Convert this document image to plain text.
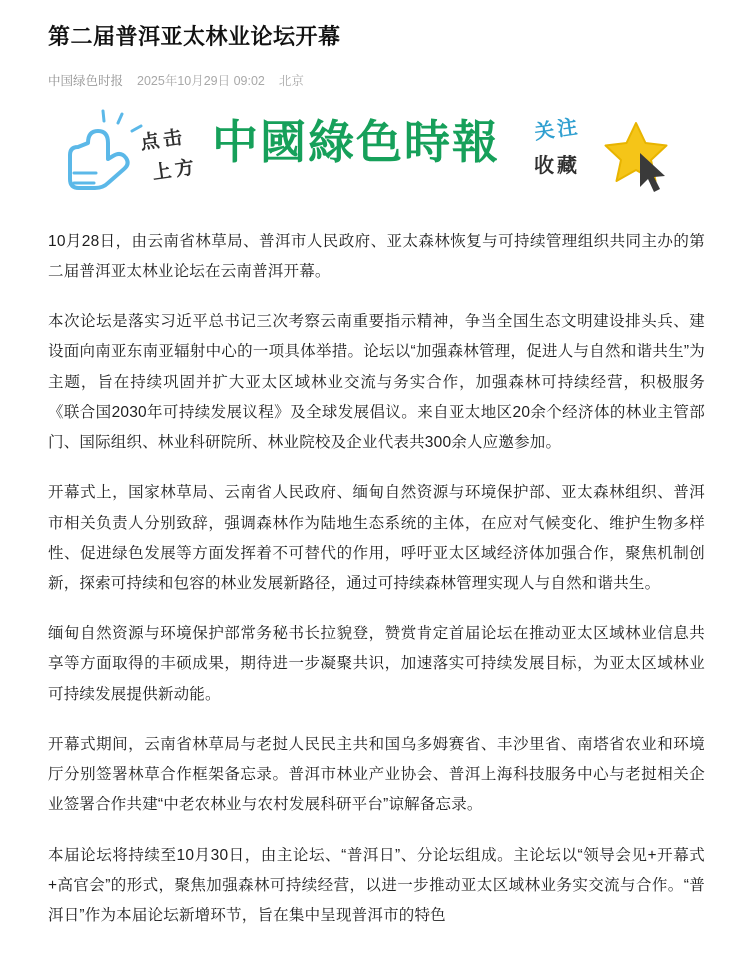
第二届普洱亚太林业论坛开幕
中国绿色时报 2025年10月29日 09:02 北京
点击
上方
中國綠色時報 关注
收藏

10月28日，由云南省林草局、普洱市人民政府、亚太森林恢复与可持续管理组织共同主办的第二届普洱亚太林业论坛在云南普洱开幕。

本次论坛是落实习近平总书记三次考察云南重要指示精神，争当全国生态文明建设排头兵、建设面向南亚东南亚辐射中心的一项具体举措。论坛以“加强森林管理，促进人与自然和谐共生”为主题，旨在持续巩固并扩大亚太区域林业交流与务实合作，加强森林可持续经营，积极服务《联合国2030年可持续发展议程》及全球发展倡议。来自亚太地区20余个经济体的林业主管部门、国际组织、林业科研院所、林业院校及企业代表共300余人应邀参加。

开幕式上，国家林草局、云南省人民政府、缅甸自然资源与环境保护部、亚太森林组织、普洱市相关负责人分别致辞，强调森林作为陆地生态系统的主体，在应对气候变化、维护生物多样性、促进绿色发展等方面发挥着不可替代的作用，呼吁亚太区域经济体加强合作，聚焦机制创新，探索可持续和包容的林业发展新路径，通过可持续森林管理实现人与自然和谐共生。

缅甸自然资源与环境保护部常务秘书长拉貌登，赞赏肯定首届论坛在推动亚太区域林业信息共享等方面取得的丰硕成果，期待进一步凝聚共识，加速落实可持续发展目标，为亚太区域林业可持续发展提供新动能。

开幕式期间，云南省林草局与老挝人民民主共和国乌多姆赛省、丰沙里省、南塔省农业和环境厅分别签署林草合作框架备忘录。普洱市林业产业协会、普洱上海科技服务中心与老挝相关企业签署合作共建“中老农林业与农村发展科研平台”谅解备忘录。

本届论坛将持续至10月30日，由主论坛、“普洱日”、分论坛组成。主论坛以“领导会见+开幕式+高官会”的形式，聚焦加强森林可持续经营，以进一步推动亚太区域林业务实交流与合作。“普洱日”作为本届论坛新增环节，旨在集中呈现普洱市的特色
